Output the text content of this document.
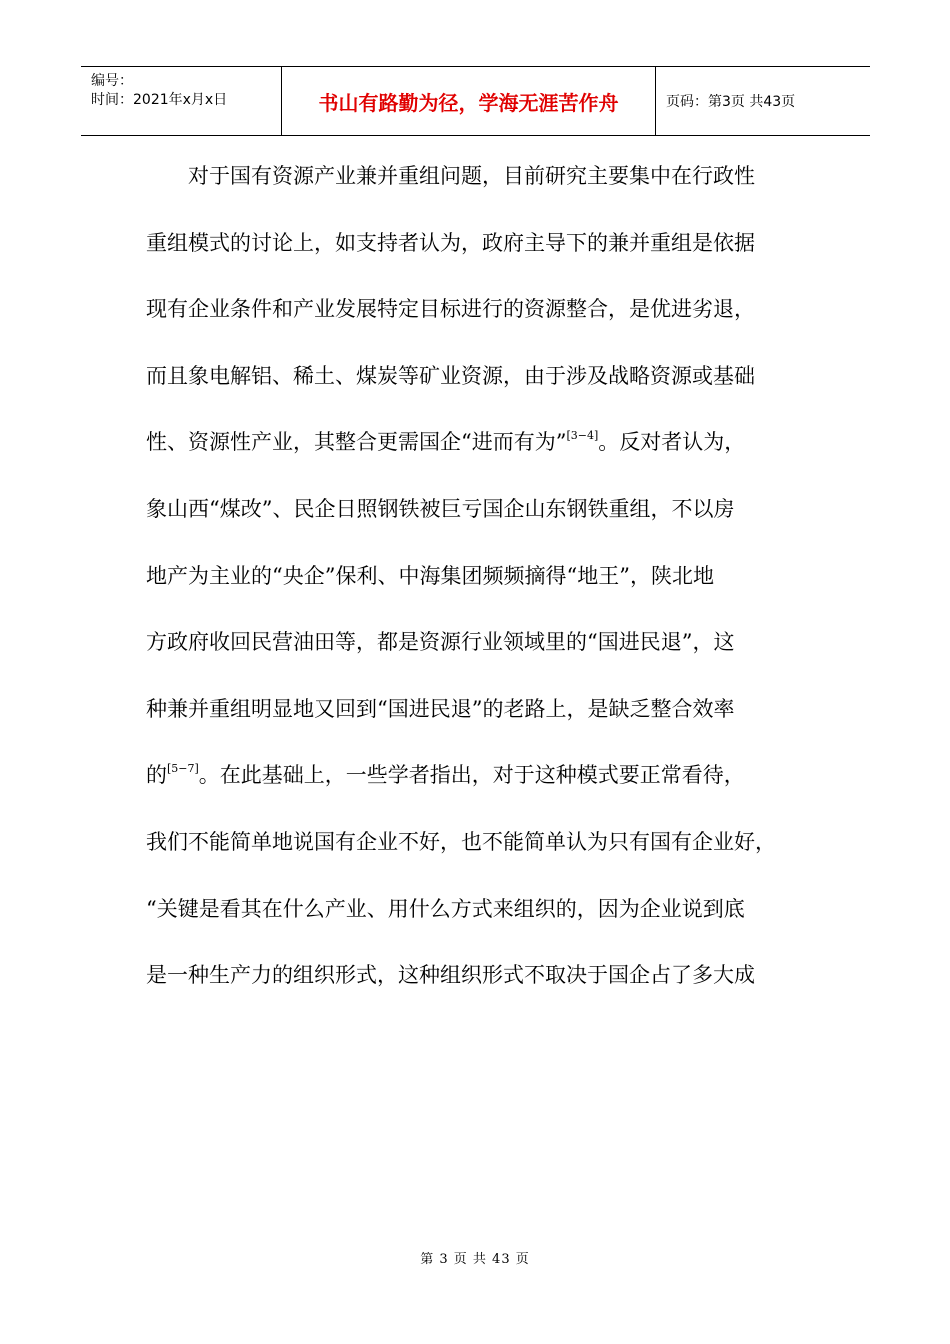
编号：
时间：2021年x月x日	书山有路勤为径，学海无涯苦作舟	页码：第3页 共43页
对于国有资源产业兼并重组问题，目前研究主要集中在行政性
重组模式的讨论上，如支持者认为，政府主导下的兼并重组是依据
现有企业条件和产业发展特定目标进行的资源整合，是优进劣退，
而且象电解铝、稀土、煤炭等矿业资源，由于涉及战略资源或基础
性、资源性产业，其整合更需国企“进而有为”[3−4]。反对者认为，
象山西“煤改”、民企日照钢铁被巨亏国企山东钢铁重组，不以房
地产为主业的“央企”保利、中海集团频频摘得“地王”，陕北地
方政府收回民营油田等，都是资源行业领域里的“国进民退”，这
种兼并重组明显地又回到“国进民退”的老路上，是缺乏整合效率
的[5−7]。在此基础上，一些学者指出，对于这种模式要正常看待，
我们不能简单地说国有企业不好，也不能简单认为只有国有企业好，
“关键是看其在什么产业、用什么方式来组织的，因为企业说到底
是一种生产力的组织形式，这种组织形式不取决于国企占了多大成
第 3 页 共 43 页
